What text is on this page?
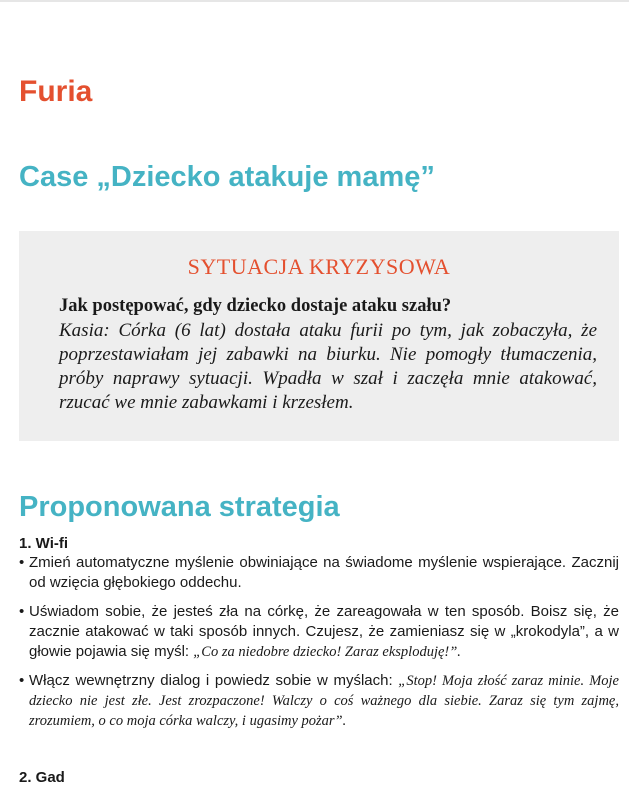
Furia
Case „Dziecko atakuje mamę”
SYTUACJA KRYZYSOWA

Jak postępować, gdy dziecko dostaje ataku szału?

Kasia: Córka (6 lat) dostała ataku furii po tym, jak zobaczyła, że poprzestawiałam jej zabawki na biurku. Nie pomogły tłumaczenia, próby naprawy sytuacji. Wpadła w szał i zaczęła mnie atakować, rzucać we mnie zabawkami i krzesłem.

Proponowana strategia
1. Wi-fi
• Zmień automatyczne myślenie obwiniające na świadome myślenie wspierające. Zacznij od wzięcia głębokiego oddechu.
• Uświadom sobie, że jesteś zła na córkę, że zareagowała w ten sposób. Boisz się, że zacznie atakować w taki sposób innych. Czujesz, że zamieniasz się w „krokodyla”, a w głowie pojawia się myśl: „Co za niedobre dziecko! Zaraz eksploduję!”.
• Włącz wewnętrzny dialog i powiedz sobie w myślach: „Stop! Moja złość zaraz minie. Moje dziecko nie jest złe. Jest zrozpaczone! Walczy o coś ważnego dla siebie. Zaraz się tym zajmę, zrozumiem, o co moja córka walczy, i ugasimy pożar”.
2. Gad
